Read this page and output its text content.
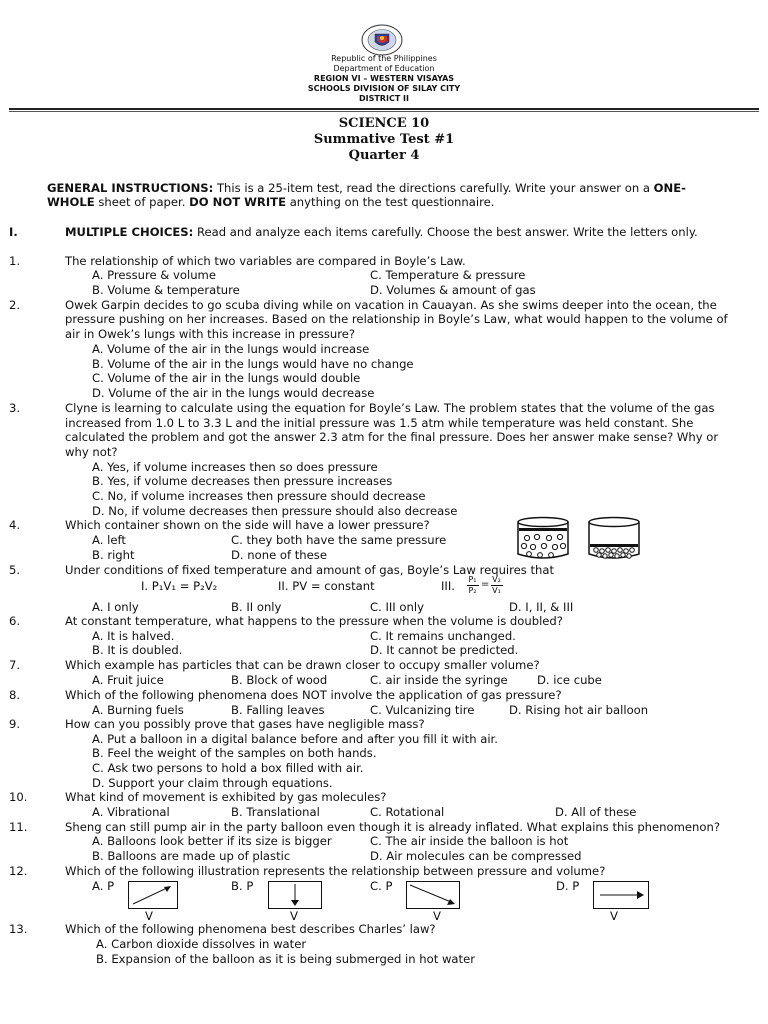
Republic of the Philippines
Department of Education
REGION VI – WESTERN VISAYAS
SCHOOLS DIVISION OF SILAY CITY
DISTRICT II
SCIENCE 10
Summative Test #1
Quarter 4
GENERAL INSTRUCTIONS: This is a 25-item test, read the directions carefully. Write your answer on a ONE-
WHOLE sheet of paper. DO NOT WRITE anything on the test questionnaire.
I.	MULTIPLE CHOICES: Read and analyze each items carefully. Choose the best answer. Write the letters only.
1.	The relationship of which two variables are compared in Boyle’s Law.
A. Pressure & volume	C. Temperature & pressure
B. Volume & temperature	D. Volumes & amount of gas
2.	Owek Garpin decides to go scuba diving while on vacation in Cauayan. As she swims deeper into the ocean, the
pressure pushing on her increases. Based on the relationship in Boyle’s Law, what would happen to the volume of
air in Owek’s lungs with this increase in pressure?
A. Volume of the air in the lungs would increase
B. Volume of the air in the lungs would have no change
C. Volume of the air in the lungs would double
D. Volume of the air in the lungs would decrease
3.	Clyne is learning to calculate using the equation for Boyle’s Law. The problem states that the volume of the gas
increased from 1.0 L to 3.3 L and the initial pressure was 1.5 atm while temperature was held constant. She
calculated the problem and got the answer 2.3 atm for the final pressure. Does her answer make sense? Why or
why not?
A. Yes, if volume increases then so does pressure
B. Yes, if volume decreases then pressure increases
C. No, if volume increases then pressure should decrease
D. No, if volume decreases then pressure should also decrease
4.	Which container shown on the side will have a lower pressure?
A. left	C. they both have the same pressure
B. right	D. none of these
5.	Under conditions of fixed temperature and amount of gas, Boyle’s Law requires that
I. P₁V₁ = P₂V₂	II. PV = constant	III.	P₁
P₂
= V₂
V₁
A. I only	B. II only	C. III only	D. I, II, & III
6.	At constant temperature, what happens to the pressure when the volume is doubled?
A. It is halved.	C. It remains unchanged.
B. It is doubled.	D. It cannot be predicted.
7.	Which example has particles that can be drawn closer to occupy smaller volume?
A. Fruit juice	B. Block of wood	C. air inside the syringe	D. ice cube
8.	Which of the following phenomena does NOT involve the application of gas pressure?
A. Burning fuels	B. Falling leaves	C. Vulcanizing tire	D. Rising hot air balloon
9.	How can you possibly prove that gases have negligible mass?
A. Put a balloon in a digital balance before and after you fill it with air.
B. Feel the weight of the samples on both hands.
C. Ask two persons to hold a box filled with air.
D. Support your claim through equations.
10.	What kind of movement is exhibited by gas molecules?
A. Vibrational	B. Translational	C. Rotational	D. All of these
11.	Sheng can still pump air in the party balloon even though it is already inflated. What explains this phenomenon?
A. Balloons look better if its size is bigger	C. The air inside the balloon is hot
B. Balloons are made up of plastic	D. Air molecules can be compressed
12.	Which of the following illustration represents the relationship between pressure and volume?
A. P
V
B. P
V
C. P
V
D. P
V
13.	Which of the following phenomena best describes Charles’ law?
A. Carbon dioxide dissolves in water
B. Expansion of the balloon as it is being submerged in hot water
